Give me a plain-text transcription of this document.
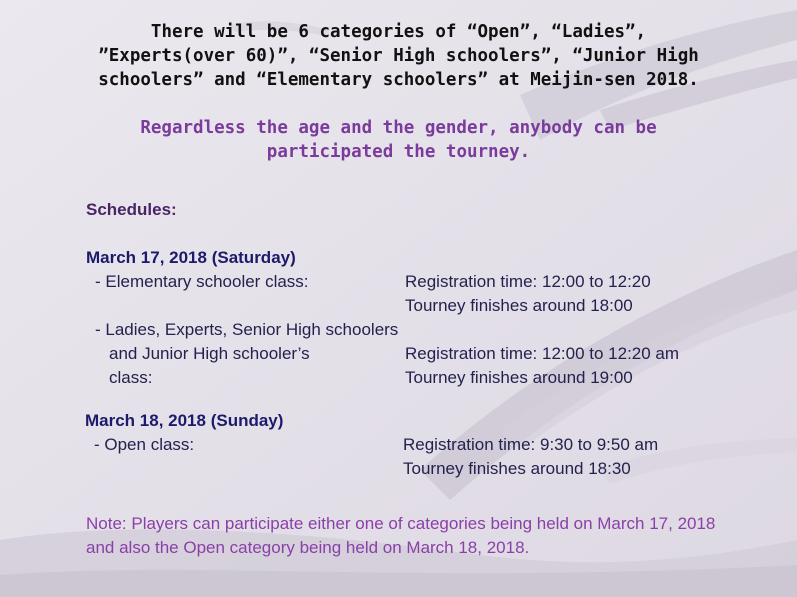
There will be 6 categories of “Open”, “Ladies”,
”Experts(over 60)”, “Senior High schoolers”, “Junior High
schoolers” and “Elementary schoolers” at Meijin-sen 2018.
Regardless the age and the gender, anybody can be
participated the tourney.
Schedules:
March 17, 2018 (Saturday)
- Elementary schooler class:	Registration time: 12:00 to 12:20
Tourney finishes around 18:00
- Ladies, Experts, Senior High schoolers
and Junior High schooler’s
class:
Registration time: 12:00 to 12:20 am
Tourney finishes around 19:00
March 18, 2018 (Sunday)
- Open class:	Registration time: 9:30 to 9:50 am
Tourney finishes around 18:30
Note: Players can participate either one of categories being held on March 17, 2018 and also the Open category being held on March 18, 2018.
